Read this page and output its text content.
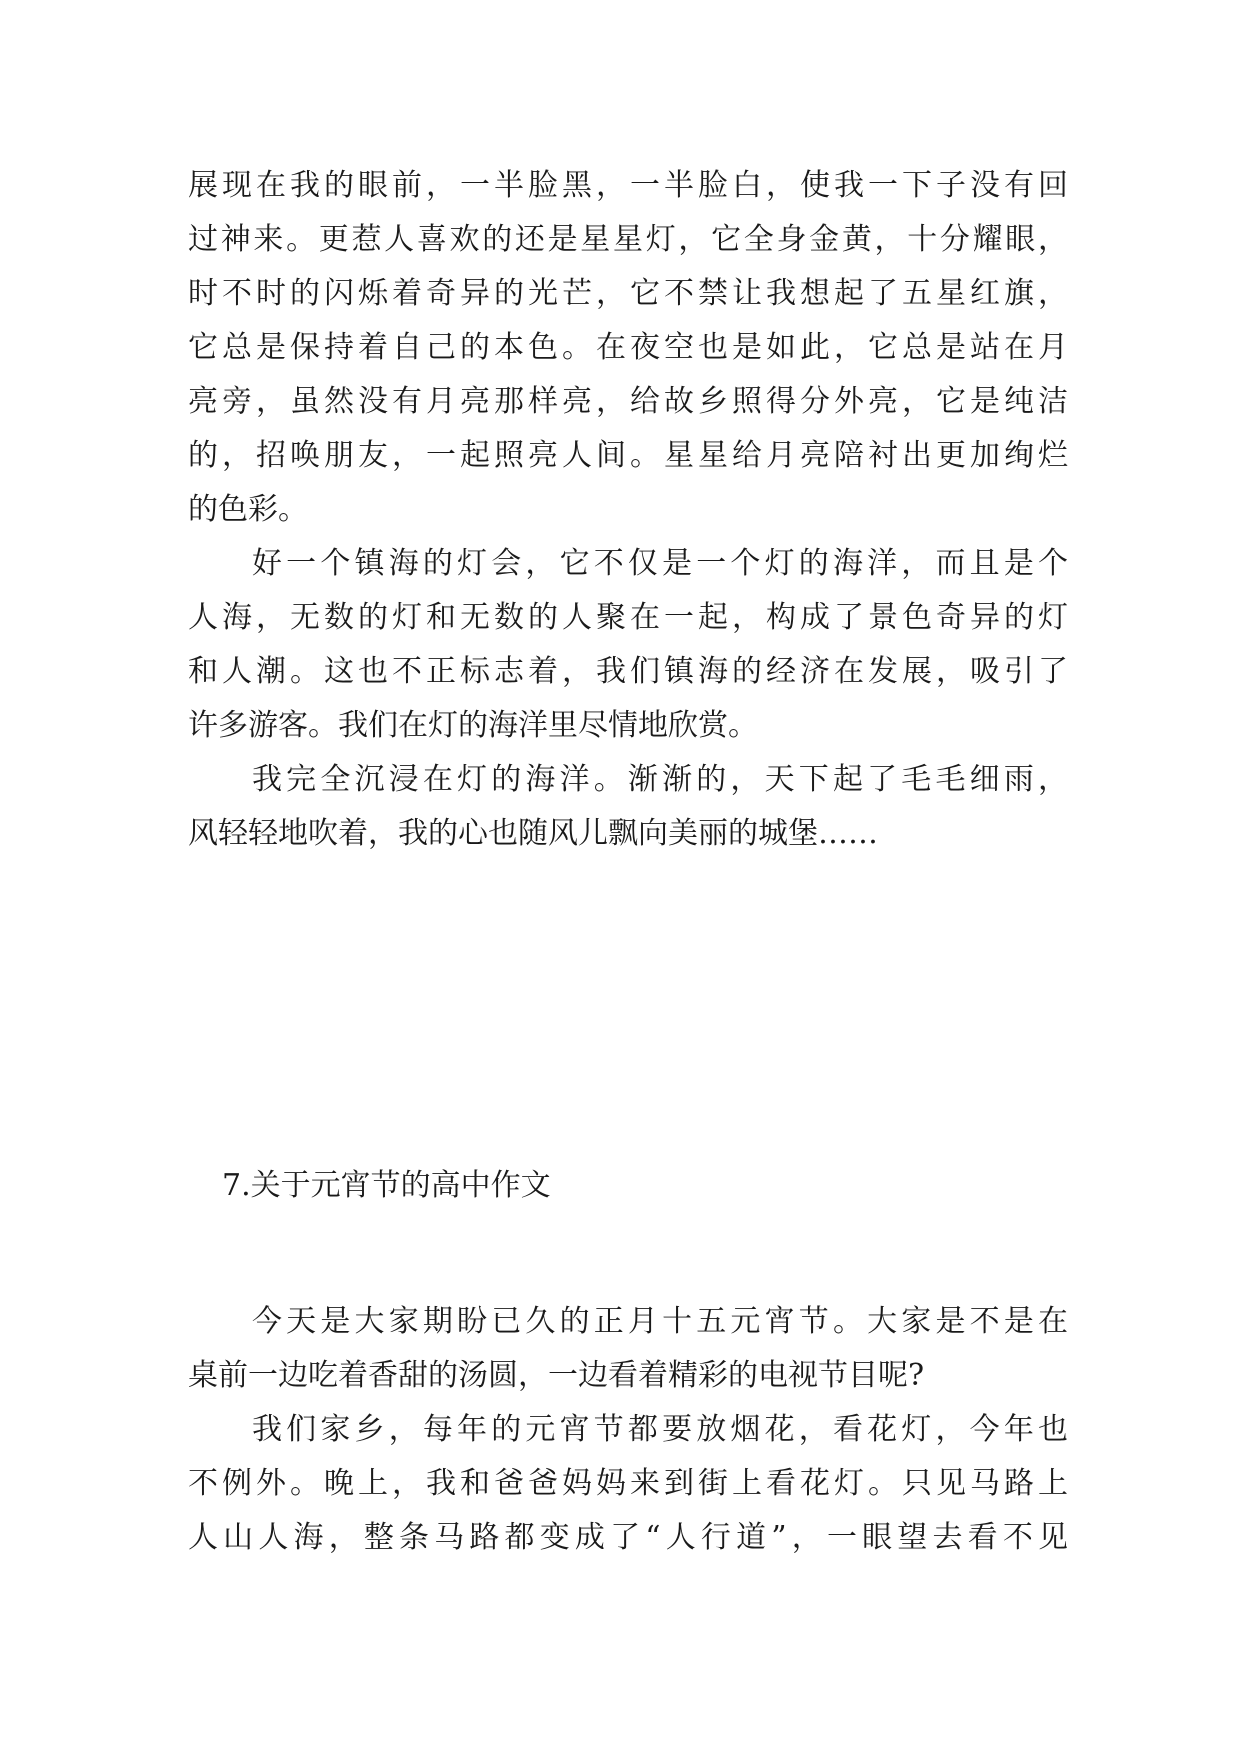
展现在我的眼前，一半脸黑，一半脸白，使我一下子没有回
过神来。更惹人喜欢的还是星星灯，它全身金黄，十分耀眼，
时不时的闪烁着奇异的光芒，它不禁让我想起了五星红旗，
它总是保持着自己的本色。在夜空也是如此，它总是站在月
亮旁，虽然没有月亮那样亮，给故乡照得分外亮，它是纯洁
的，招唤朋友，一起照亮人间。星星给月亮陪衬出更加绚烂
的色彩。
好一个镇海的灯会，它不仅是一个灯的海洋，而且是个
人海，无数的灯和无数的人聚在一起，构成了景色奇异的灯
和人潮。这也不正标志着，我们镇海的经济在发展，吸引了
许多游客。我们在灯的海洋里尽情地欣赏。
我完全沉浸在灯的海洋。渐渐的，天下起了毛毛细雨，
风轻轻地吹着，我的心也随风儿飘向美丽的城堡……
7.关于元宵节的高中作文
今天是大家期盼已久的正月十五元宵节。大家是不是在
桌前一边吃着香甜的汤圆，一边看着精彩的电视节目呢?
我们家乡，每年的元宵节都要放烟花，看花灯，今年也
不例外。晚上，我和爸爸妈妈来到街上看花灯。只见马路上
人山人海，整条马路都变成了“人行道”，一眼望去看不见
